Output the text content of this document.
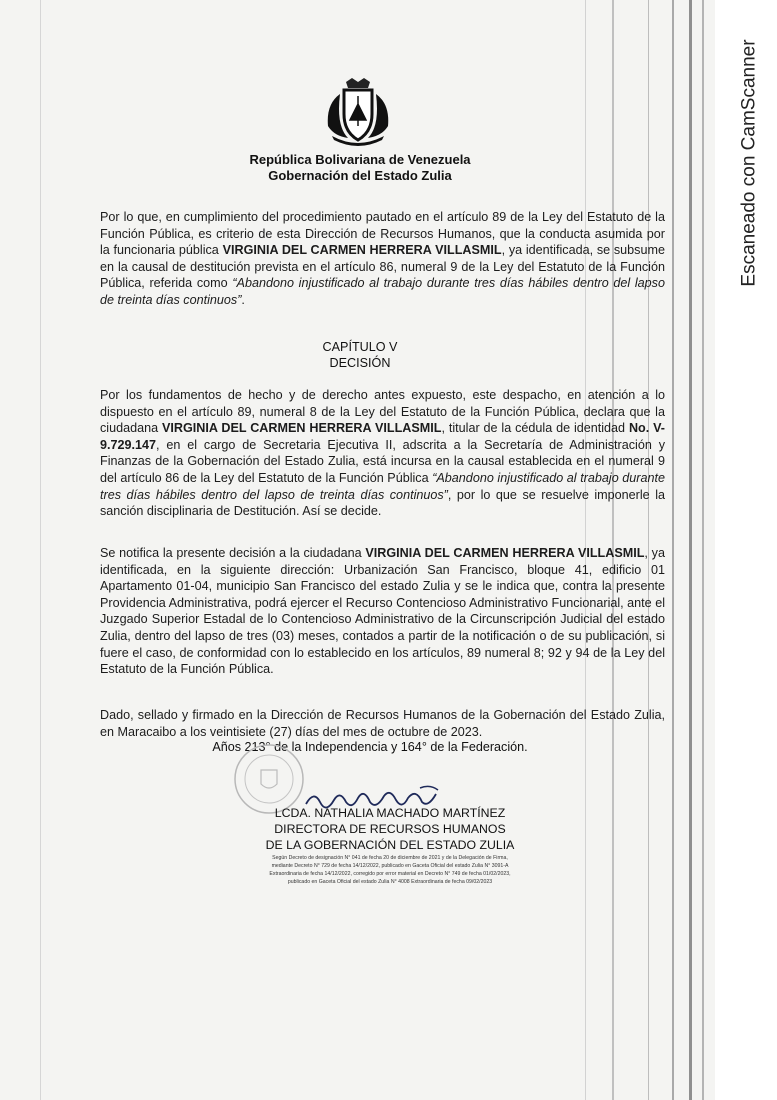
Escaneado con CamScanner
República Bolivariana de Venezuela
Gobernación del Estado Zulia
Por lo que, en cumplimiento del procedimiento pautado en el artículo 89 de la Ley del Estatuto de la Función Pública, es criterio de esta Dirección de Recursos Humanos, que la conducta asumida por la funcionaria pública VIRGINIA DEL CARMEN HERRERA VILLASMIL, ya identificada, se subsume en la causal de destitución prevista en el artículo 86, numeral 9 de la Ley del Estatuto de la Función Pública, referida como “Abandono injustificado al trabajo durante tres días hábiles dentro del lapso de treinta días continuos”.
CAPÍTULO V
DECISIÓN
Por los fundamentos de hecho y de derecho antes expuesto, este despacho, en atención a lo dispuesto en el artículo 89, numeral 8 de la Ley del Estatuto de la Función Pública, declara que la ciudadana VIRGINIA DEL CARMEN HERRERA VILLASMIL, titular de la cédula de identidad No. V-9.729.147, en el cargo de Secretaria Ejecutiva II, adscrita a la Secretaría de Administración y Finanzas de la Gobernación del Estado Zulia, está incursa en la causal establecida en el numeral 9 del artículo 86 de la Ley del Estatuto de la Función Pública “Abandono injustificado al trabajo durante tres días hábiles dentro del lapso de treinta días continuos”, por lo que se resuelve imponerle la sanción disciplinaria de Destitución. Así se decide.
Se notifica la presente decisión a la ciudadana VIRGINIA DEL CARMEN HERRERA VILLASMIL, ya identificada, en la siguiente dirección: Urbanización San Francisco, bloque 41, edificio 01 Apartamento 01-04, municipio San Francisco del estado Zulia y se le indica que, contra la presente Providencia Administrativa, podrá ejercer el Recurso Contencioso Administrativo Funcionarial, ante el Juzgado Superior Estadal de lo Contencioso Administrativo de la Circunscripción Judicial del estado Zulia, dentro del lapso de tres (03) meses, contados a partir de la notificación o de su publicación, si fuere el caso, de conformidad con lo establecido en los artículos, 89 numeral 8; 92 y 94 de la Ley del Estatuto de la Función Pública.
Dado, sellado y firmado en la Dirección de Recursos Humanos de la Gobernación del Estado Zulia, en Maracaibo a los veintisiete (27) días del mes de octubre de 2023.
Años 213° de la Independencia y 164° de la Federación.
LCDA. NATHALIA MACHADO MARTÍNEZ
DIRECTORA DE RECURSOS HUMANOS
DE LA GOBERNACIÓN DEL ESTADO ZULIA
Según Decreto de designación N° 041 de fecha 20 de diciembre de 2021 y de la Delegación de Firma,
mediante Decreto N° 729 de fecha 14/12/2022, publicado en Gaceta Oficial del estado Zulia N° 3091-A
Extraordinaria de fecha 14/12/2022, corregido por error material en Decreto N° 749 de fecha 01/02/2023,
publicado en Gaceta Oficial del estado Zulia N° 4008 Extraordinaria de fecha 09/02/2023
